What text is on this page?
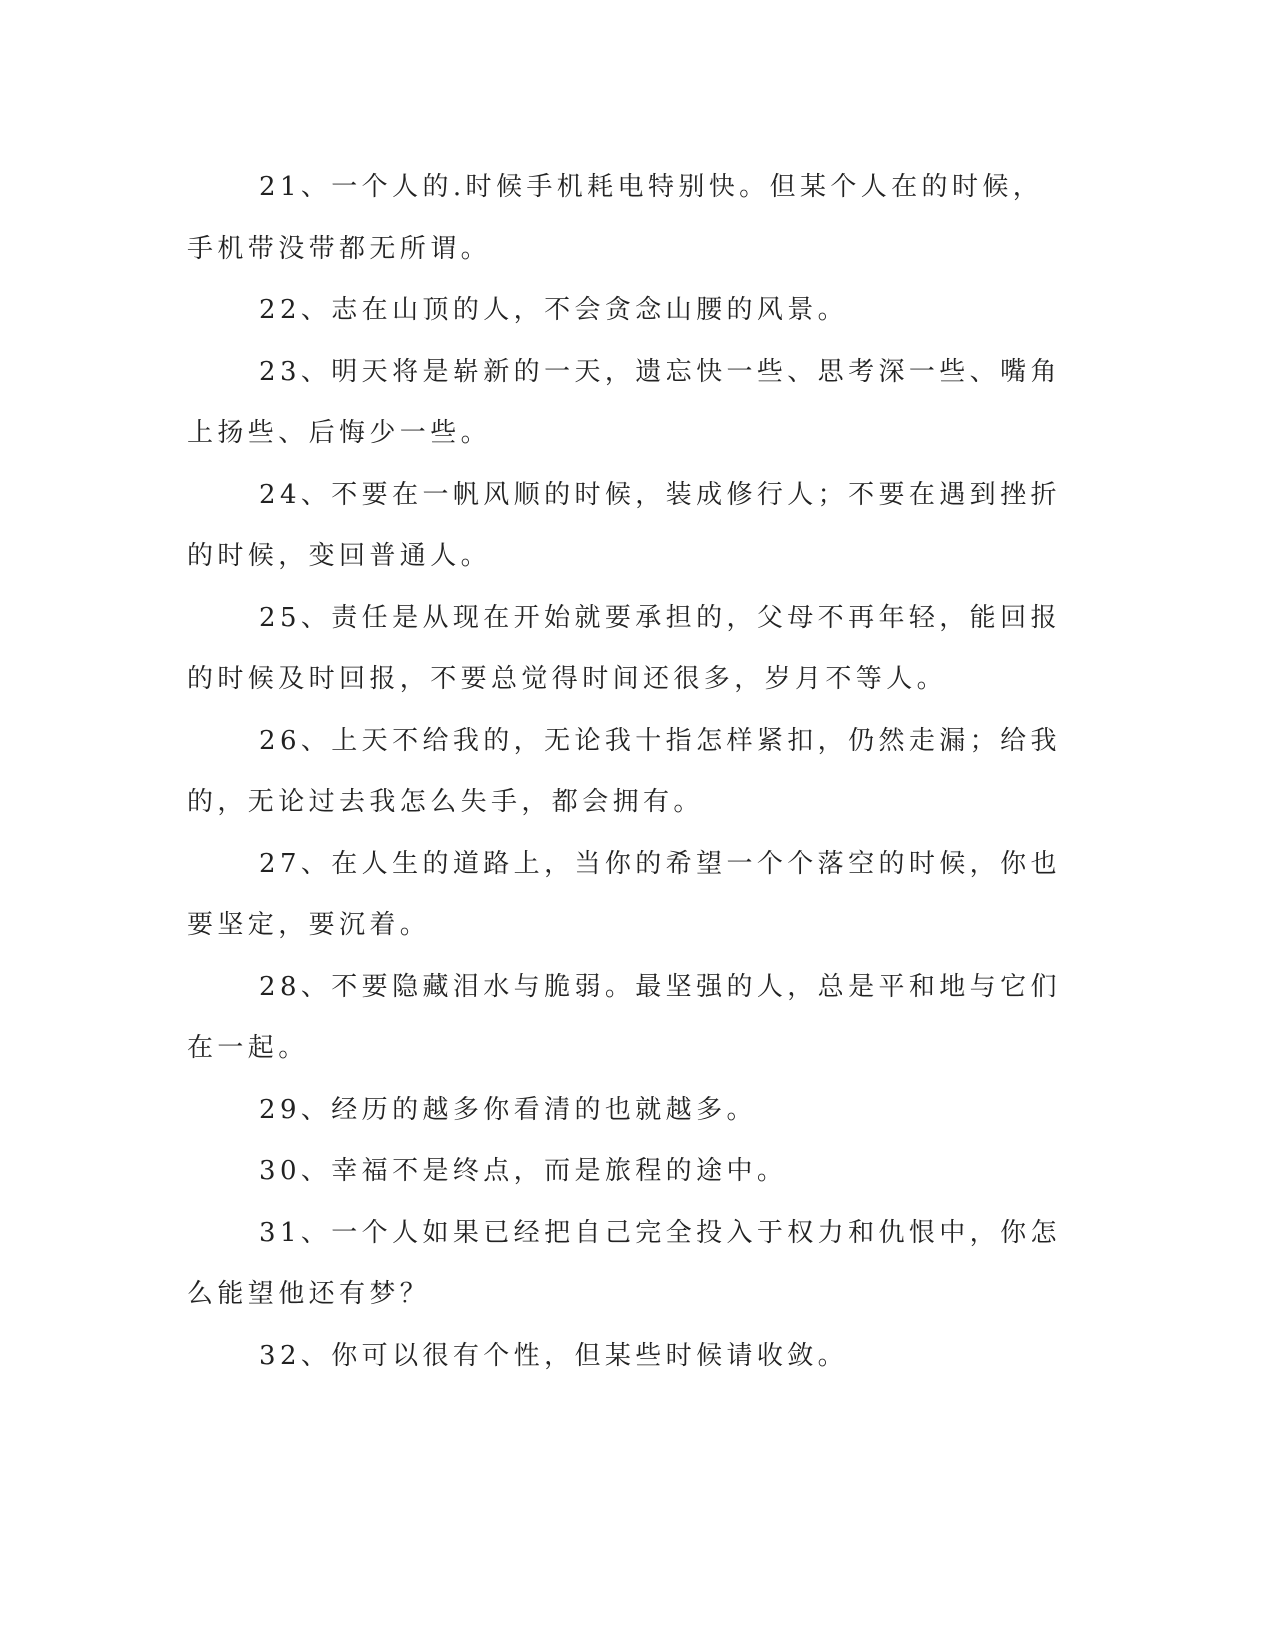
21、一个人的.时候手机耗电特别快。但某个人在的时候，手机带没带都无所谓。

22、志在山顶的人，不会贪念山腰的风景。

23、明天将是崭新的一天，遗忘快一些、思考深一些、嘴角上扬些、后悔少一些。

24、不要在一帆风顺的时候，装成修行人；不要在遇到挫折的时候，变回普通人。

25、责任是从现在开始就要承担的，父母不再年轻，能回报的时候及时回报，不要总觉得时间还很多，岁月不等人。

26、上天不给我的，无论我十指怎样紧扣，仍然走漏；给我的，无论过去我怎么失手，都会拥有。

27、在人生的道路上，当你的希望一个个落空的时候，你也要坚定，要沉着。

28、不要隐藏泪水与脆弱。最坚强的人，总是平和地与它们在一起。

29、经历的越多你看清的也就越多。

30、幸福不是终点，而是旅程的途中。

31、一个人如果已经把自己完全投入于权力和仇恨中，你怎么能望他还有梦？

32、你可以很有个性，但某些时候请收敛。
